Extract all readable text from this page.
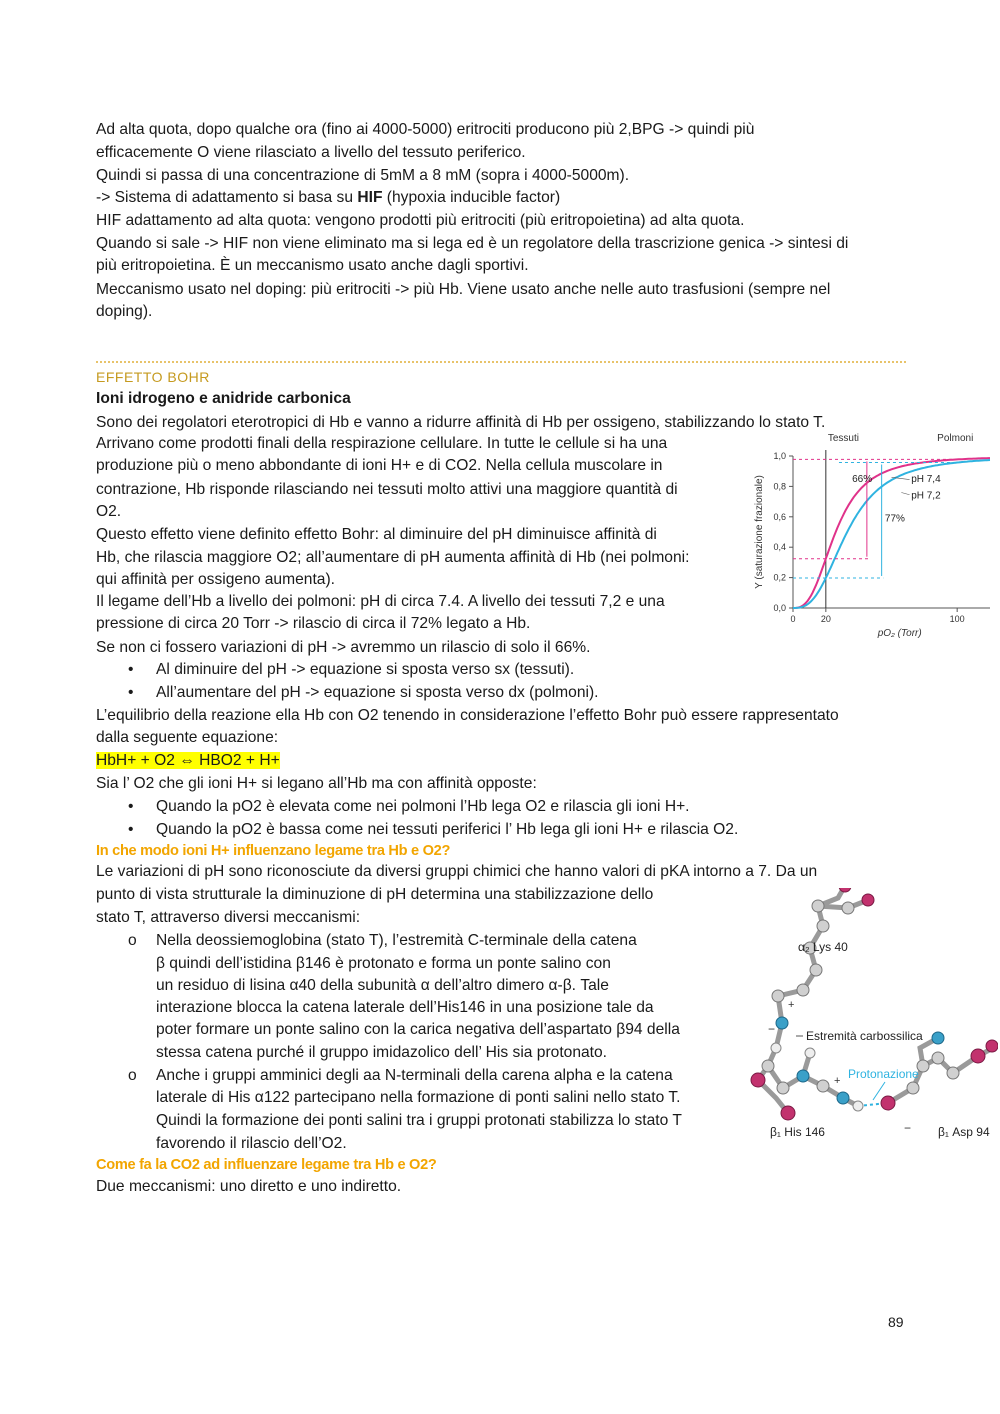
Ad alta quota, dopo qualche ora (fino ai 4000-5000) eritrociti producono più 2,BPG -> quindi più
efficacemente O viene rilasciato a livello del tessuto periferico.
Quindi si passa di una concentrazione di 5mM a 8 mM (sopra i 4000-5000m).
-> Sistema di adattamento si basa su HIF (hypoxia inducible factor)
HIF adattamento ad alta quota: vengono prodotti più eritrociti (più eritropoietina) ad alta quota.
Quando si sale -> HIF non viene eliminato ma si lega ed è un regolatore della trascrizione genica -> sintesi di
più eritropoietina. È un meccanismo usato anche dagli sportivi.
Meccanismo usato nel doping: più eritrociti -> più Hb. Viene usato anche nelle auto trasfusioni (sempre nel
doping).
EFFETTO BOHR
Ioni idrogeno e anidride carbonica
Sono dei regolatori eterotropici di Hb e vanno a ridurre affinità di Hb per ossigeno, stabilizzando lo stato T.
Arrivano come prodotti finali della respirazione cellulare. In tutte le cellule si ha una
produzione più o meno abbondante di ioni H+ e di CO2. Nella cellula muscolare in
contrazione, Hb risponde rilasciando nei tessuti molto attivi una maggiore quantità di
O2.
Questo effetto viene definito effetto Bohr: al diminuire del pH diminuisce affinità di
Hb, che rilascia maggiore O2; all’aumentare di pH aumenta affinità di Hb (nei polmoni:
qui affinità per ossigeno aumenta).
Il legame dell’Hb a livello dei polmoni: pH di circa 7.4. A livello dei tessuti 7,2 e una
pressione di circa 20 Torr -> rilascio di circa il 72% legato a Hb.
Se non ci fossero variazioni di pH -> avremmo un rilascio di solo il 66%.
• Al diminuire del pH -> equazione si sposta verso sx (tessuti).
• All’aumentare del pH -> equazione si sposta verso dx (polmoni).
L’equilibrio della reazione ella Hb con O2 tenendo in considerazione l’effetto Bohr può essere rappresentato
dalla seguente equazione:
HbH+ + O2 ⇔ HBO2 + H+
Sia l’ O2 che gli ioni H+ si legano all’Hb ma con affinità opposte:
• Quando la pO2 è elevata come nei polmoni l’Hb lega O2 e rilascia gli ioni H+.
• Quando la pO2 è bassa come nei tessuti periferici l’ Hb lega gli ioni H+ e rilascia O2.
In che modo ioni H+ influenzano legame tra Hb e O2?
Le variazioni di pH sono riconosciute da diversi gruppi chimici che hanno valori di pKA intorno a 7. Da un
punto di vista strutturale la diminuzione di pH determina una stabilizzazione dello
stato T, attraverso diversi meccanismi:
o Nella deossiemoglobina (stato T), l’estremità C-terminale della catena
β quindi dell’istidina β146 è protonato e forma un ponte salino con
un residuo di lisina α40 della subunità α dell’altro dimero α-β. Tale
interazione blocca la catena laterale dell’His146 in una posizione tale da
poter formare un ponte salino con la carica negativa dell’aspartato β94 della
stessa catena purché il gruppo imidazolico dell’ His sia protonato.
o Anche i gruppi amminici degli aa N-terminali della carena alpha e la catena
laterale di His α122 partecipano nella formazione di ponti salini nello stato T.
Quindi la formazione dei ponti salini tra i gruppi protonati stabilizza lo stato T
favorendo il rilascio dell’O2.
Come fa la CO2 ad influenzare legame tra Hb e O2?
Due meccanismi: uno diretto e uno indiretto.
89
0,0
0,2
0,4
0,6
0,8
1,0
0	20	100
Tessuti	Polmoni
66%
77%
pH 7,4
pH 7,2
pO₂ (Torr)
Y (saturazione frazionale)
+
+
−
−
α₂ Lys 40
Estremità carbossilica
Protonazione
β₁ His 146	β₁ Asp 94
